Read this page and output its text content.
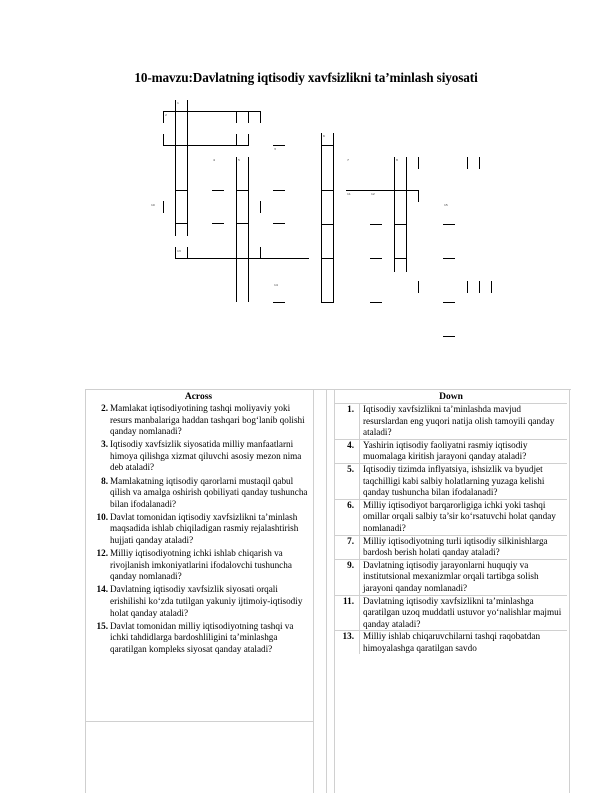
10-mavzu:Davlatning iqtisodiy xavfsizlikni ta’minlash siyosati
1
2
3
4	5
6
7	8
10
11	12
13
14
15
Across
2. Mamlakat iqtisodiyotining tashqi moliyaviy yoki resurs manbalariga haddan tashqari bog‘lanib qolishi qanday nomlanadi?
3. Iqtisodiy xavfsizlik siyosatida milliy manfaatlarni himoya qilishga xizmat qiluvchi asosiy mezon nima deb ataladi?
8. Mamlakatning iqtisodiy qarorlarni mustaqil qabul qilish va amalga oshirish qobiliyati qanday tushuncha bilan ifodalanadi?
10. Davlat tomonidan iqtisodiy xavfsizlikni ta’minlash maqsadida ishlab chiqiladigan rasmiy rejalashtirish hujjati qanday ataladi?
12. Milliy iqtisodiyotning ichki ishlab chiqarish va rivojlanish imkoniyatlarini ifodalovchi tushuncha qanday nomlanadi?
14. Davlatning iqtisodiy xavfsizlik siyosati orqali erishilishi ko‘zda tutilgan yakuniy ijtimoiy-iqtisodiy holat qanday ataladi?
15. Davlat tomonidan milliy iqtisodiyotning tashqi va ichki tahdidlarga bardoshliligini ta’minlashga qaratilgan kompleks siyosat qanday ataladi?
Down
1. Iqtisodiy xavfsizlikni ta’minlashda mavjud resurslardan eng yuqori natija olish tamoyili qanday ataladi?
4. Yashirin iqtisodiy faoliyatni rasmiy iqtisodiy muomalaga kiritish jarayoni qanday ataladi?
5. Iqtisodiy tizimda inflyatsiya, ishsizlik va byudjet taqchilligi kabi salbiy holatlarning yuzaga kelishi qanday tushuncha bilan ifodalanadi?
6. Milliy iqtisodiyot barqarorligiga ichki yoki tashqi omillar orqali salbiy ta’sir ko‘rsatuvchi holat qanday nomlanadi?
7. Milliy iqtisodiyotning turli iqtisodiy silkinishlarga bardosh berish holati qanday ataladi?
9. Davlatning iqtisodiy jarayonlarni huquqiy va institutsional mexanizmlar orqali tartibga solish jarayoni qanday nomlanadi?
11. Davlatning iqtisodiy xavfsizlikni ta’minlashga qaratilgan uzoq muddatli ustuvor yo‘nalishlar majmui qanday ataladi?
13. Milliy ishlab chiqaruvchilarni tashqi raqobatdan himoyalashga qaratilgan savdo
